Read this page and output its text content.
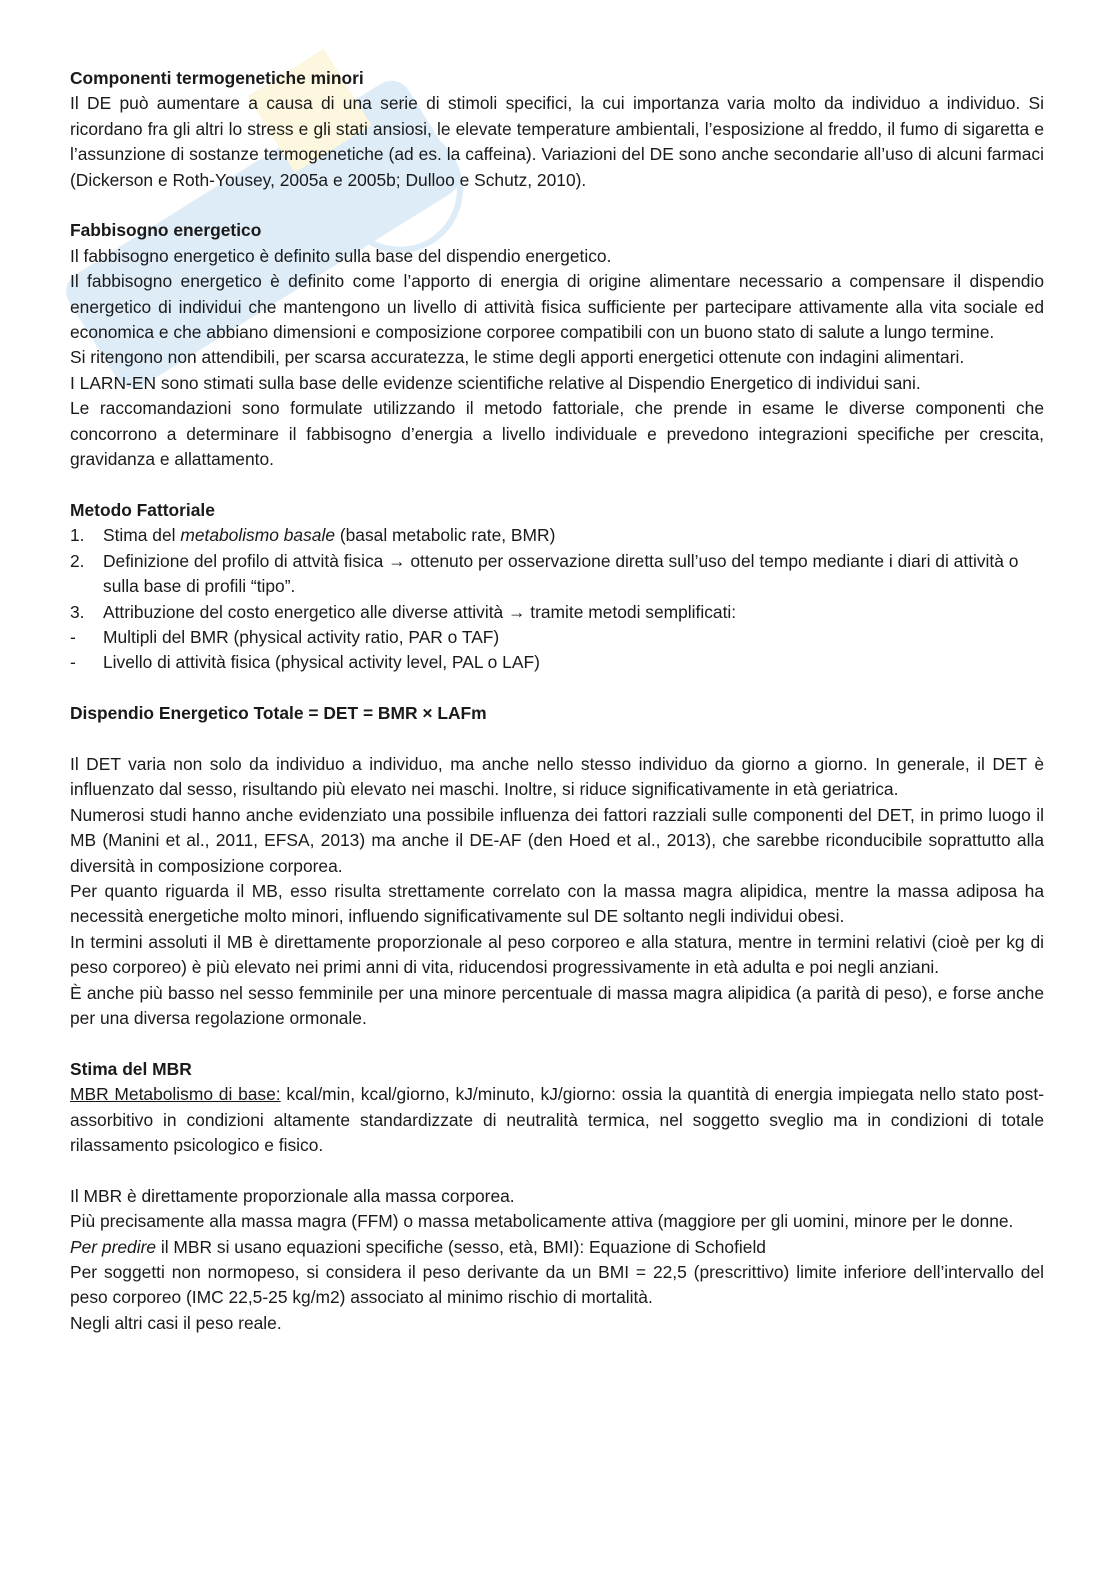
Componenti termogenetiche minori

Il DE può aumentare a causa di una serie di stimoli specifici, la cui importanza varia molto da individuo a individuo. Si ricordano fra gli altri lo stress e gli stati ansiosi, le elevate temperature ambientali, l’esposizione al freddo, il fumo di sigaretta e l’assunzione di sostanze termogenetiche (ad es. la caffeina). Variazioni del DE sono anche secondarie all’uso di alcuni farmaci (Dickerson e Roth-Yousey, 2005a e 2005b; Dulloo e Schutz, 2010).

Fabbisogno energetico

Il fabbisogno energetico è definito sulla base del dispendio energetico.

Il fabbisogno energetico è definito come l’apporto di energia di origine alimentare necessario a compensare il dispendio energetico di individui che mantengono un livello di attività fisica sufficiente per partecipare attivamente alla vita sociale ed economica e che abbiano dimensioni e composizione corporee compatibili con un buono stato di salute a lungo termine.

Si ritengono non attendibili, per scarsa accuratezza, le stime degli apporti energetici ottenute con indagini alimentari.

I LARN-EN sono stimati sulla base delle evidenze scientifiche relative al Dispendio Energetico di individui sani.

Le raccomandazioni sono formulate utilizzando il metodo fattoriale, che prende in esame le diverse componenti che concorrono a determinare il fabbisogno d’energia a livello individuale e prevedono integrazioni specifiche per crescita, gravidanza e allattamento.

Metodo Fattoriale

1.	Stima del metabolismo basale (basal metabolic rate, BMR)
2.	Definizione del profilo di attvità fisica → ottenuto per osservazione diretta sull’uso del tempo mediante i diari di attività o sulla base di profili “tipo”.
3.	Attribuzione del costo energetico alle diverse attività → tramite metodi semplificati:
-	Multipli del BMR (physical activity ratio, PAR o TAF)
-	Livello di attività fisica (physical activity level, PAL o LAF)

Dispendio Energetico Totale = DET = BMR × LAFm

Il DET varia non solo da individuo a individuo, ma anche nello stesso individuo da giorno a giorno. In generale, il DET è influenzato dal sesso, risultando più elevato nei maschi. Inoltre, si riduce significativamente in età geriatrica.

Numerosi studi hanno anche evidenziato una possibile influenza dei fattori razziali sulle componenti del DET, in primo luogo il MB (Manini et al., 2011, EFSA, 2013) ma anche il DE-AF (den Hoed et al., 2013), che sarebbe riconducibile soprattutto alla diversità in composizione corporea.

Per quanto riguarda il MB, esso risulta strettamente correlato con la massa magra alipidica, mentre la massa adiposa ha necessità energetiche molto minori, influendo significativamente sul DE soltanto negli individui obesi.

In termini assoluti il MB è direttamente proporzionale al peso corporeo e alla statura, mentre in termini relativi (cioè per kg di peso corporeo) è più elevato nei primi anni di vita, riducendosi progressivamente in età adulta e poi negli anziani.

È anche più basso nel sesso femminile per una minore percentuale di massa magra alipidica (a parità di peso), e forse anche per una diversa regolazione ormonale.

Stima del MBR

MBR Metabolismo di base: kcal/min, kcal/giorno, kJ/minuto, kJ/giorno: ossia la quantità di energia impiegata nello stato post-assorbitivo in condizioni altamente standardizzate di neutralità termica, nel soggetto sveglio ma in condizioni di totale rilassamento psicologico e fisico.

Il MBR è direttamente proporzionale alla massa corporea.

Più precisamente alla massa magra (FFM) o massa metabolicamente attiva (maggiore per gli uomini, minore per le donne.

Per predire il MBR si usano equazioni specifiche (sesso, età, BMI): Equazione di Schofield

Per soggetti non normopeso, si considera il peso derivante da un BMI = 22,5 (prescrittivo) limite inferiore dell’intervallo del peso corporeo (IMC 22,5-25 kg/m2) associato al minimo rischio di mortalità.

Negli altri casi il peso reale.
